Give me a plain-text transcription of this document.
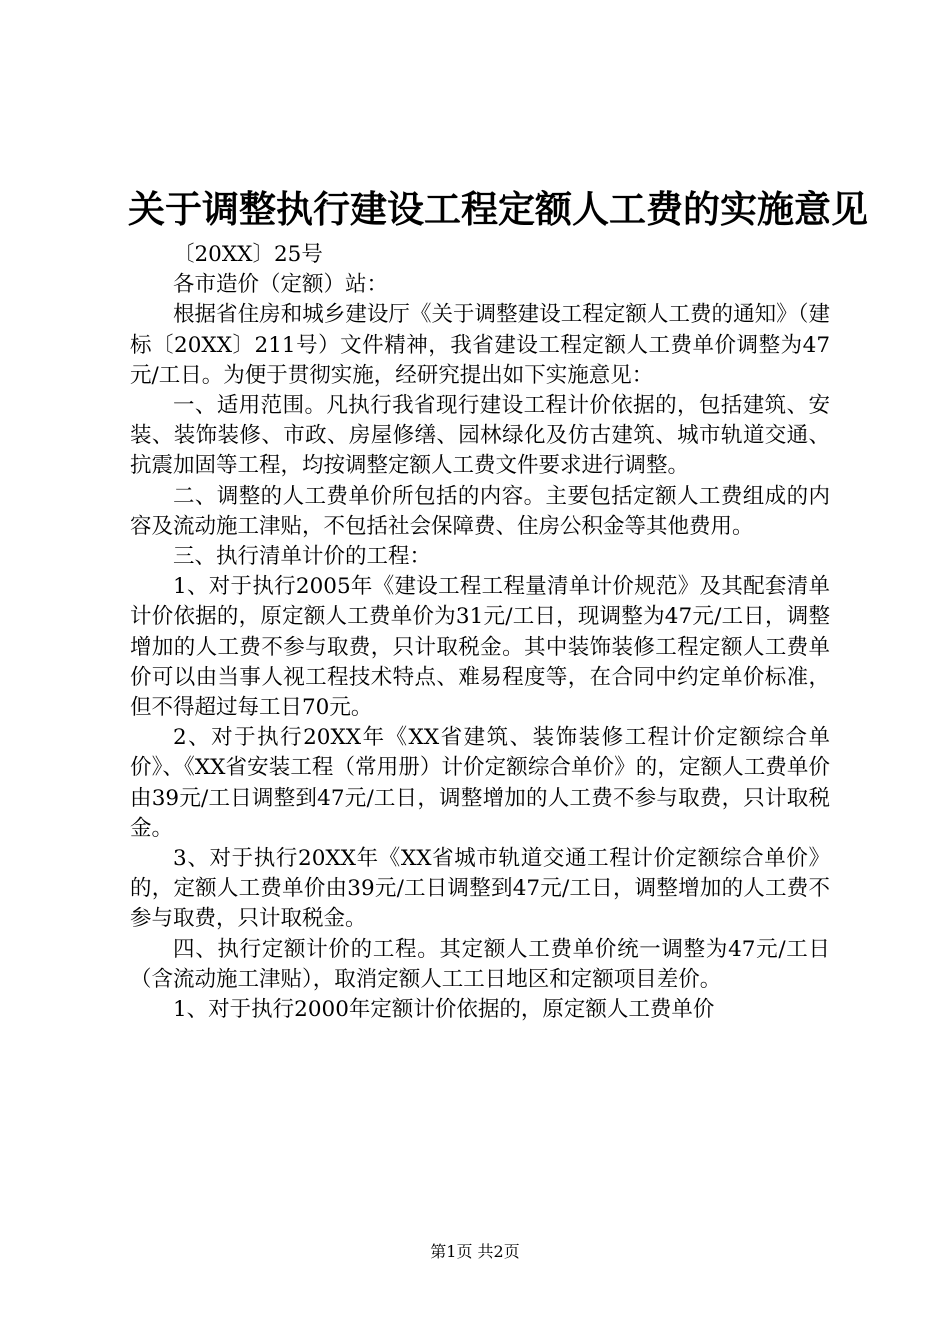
关于调整执行建设工程定额人工费的实施意见

〔20XX〕25号

各市造价（定额）站：

根据省住房和城乡建设厅《关于调整建设工程定额人工费的通知》（建标〔20XX〕211号）文件精神，我省建设工程定额人工费单价调整为47元/工日。为便于贯彻实施，经研究提出如下实施意见：

一、适用范围。凡执行我省现行建设工程计价依据的，包括建筑、安装、装饰装修、市政、房屋修缮、园林绿化及仿古建筑、城市轨道交通、抗震加固等工程，均按调整定额人工费文件要求进行调整。

二、调整的人工费单价所包括的内容。主要包括定额人工费组成的内容及流动施工津贴，不包括社会保障费、住房公积金等其他费用。

三、执行清单计价的工程：

1、对于执行2005年《建设工程工程量清单计价规范》及其配套清单计价依据的，原定额人工费单价为31元/工日，现调整为47元/工日，调整增加的人工费不参与取费，只计取税金。其中装饰装修工程定额人工费单价可以由当事人视工程技术特点、难易程度等，在合同中约定单价标准，但不得超过每工日70元。

2、对于执行20XX年《XX省建筑、装饰装修工程计价定额综合单价》、《XX省安装工程（常用册）计价定额综合单价》的，定额人工费单价由39元/工日调整到47元/工日，调整增加的人工费不参与取费，只计取税金。

3、对于执行20XX年《XX省城市轨道交通工程计价定额综合单价》的，定额人工费单价由39元/工日调整到47元/工日，调整增加的人工费不参与取费，只计取税金。

四、执行定额计价的工程。其定额人工费单价统一调整为47元/工日（含流动施工津贴），取消定额人工工日地区和定额项目差价。

1、对于执行2000年定额计价依据的，原定额人工费单价

第1页 共2页
